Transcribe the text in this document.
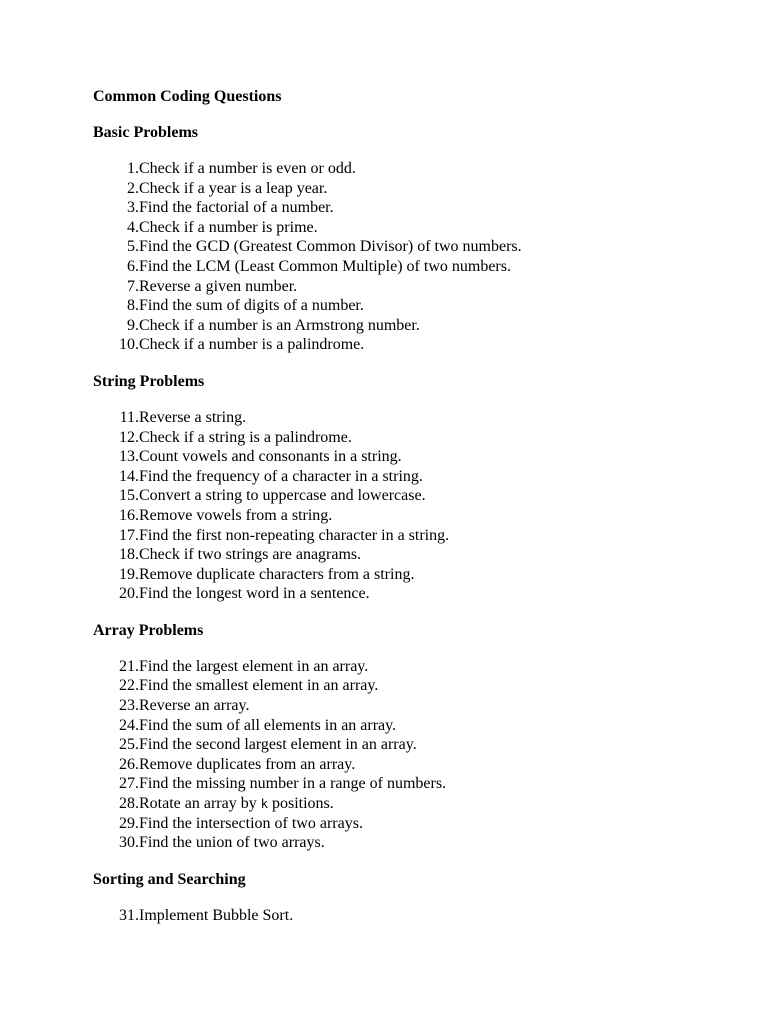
Common Coding Questions

Basic Problems

1. Check if a number is even or odd.
2. Check if a year is a leap year.
3. Find the factorial of a number.
4. Check if a number is prime.
5. Find the GCD (Greatest Common Divisor) of two numbers.
6. Find the LCM (Least Common Multiple) of two numbers.
7. Reverse a given number.
8. Find the sum of digits of a number.
9. Check if a number is an Armstrong number.
10. Check if a number is a palindrome.

String Problems

11. Reverse a string.
12. Check if a string is a palindrome.
13. Count vowels and consonants in a string.
14. Find the frequency of a character in a string.
15. Convert a string to uppercase and lowercase.
16. Remove vowels from a string.
17. Find the first non-repeating character in a string.
18. Check if two strings are anagrams.
19. Remove duplicate characters from a string.
20. Find the longest word in a sentence.

Array Problems

21. Find the largest element in an array.
22. Find the smallest element in an array.
23. Reverse an array.
24. Find the sum of all elements in an array.
25. Find the second largest element in an array.
26. Remove duplicates from an array.
27. Find the missing number in a range of numbers.
28. Rotate an array by k positions.
29. Find the intersection of two arrays.
30. Find the union of two arrays.

Sorting and Searching

31. Implement Bubble Sort.
